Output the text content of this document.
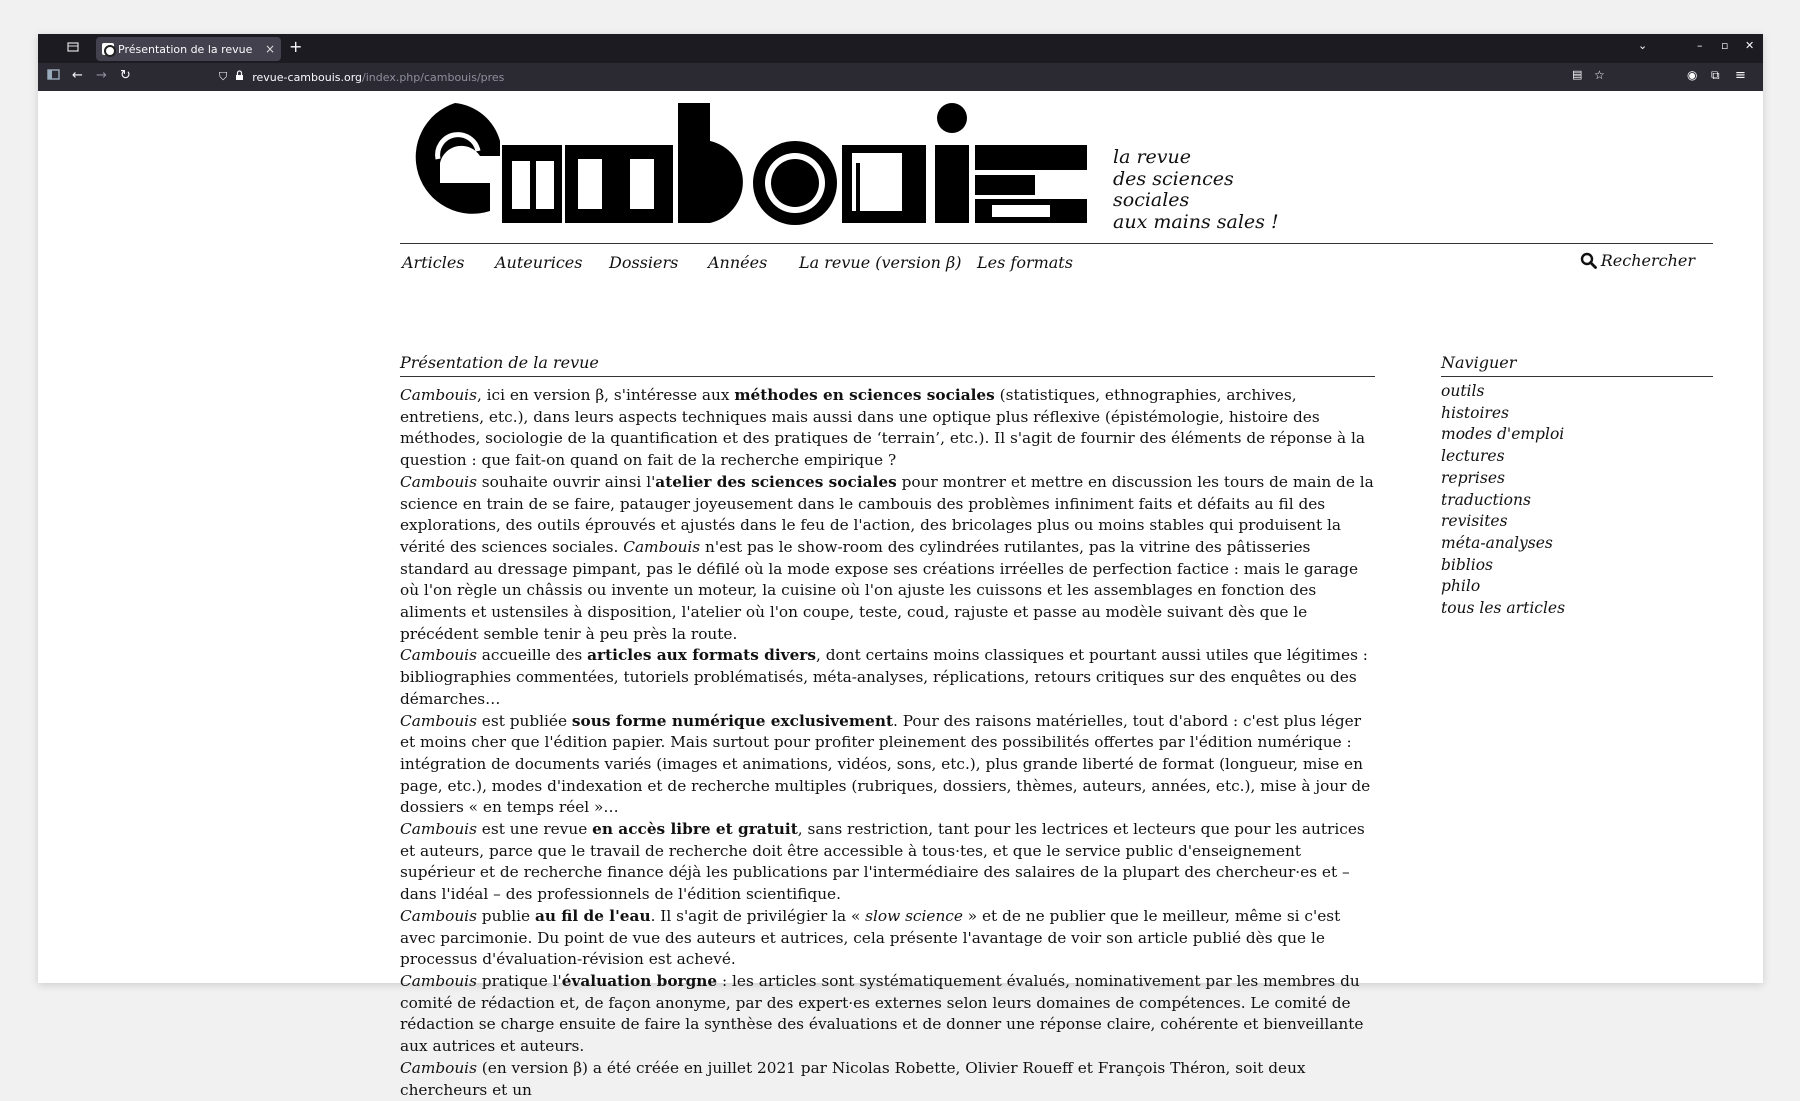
Présentation de la revue	× +	⌄	– ▫ ✕
← → ↻	⛉ revue-cambouis.org /index.php/cambouis/pres	▤ ☆	◉ ⧉ ≡
la revue
des sciences
sociales
aux mains sales !
Articles Auteurices Dossiers Années La revue (version β) Les formats	Rechercher
Présentation de la revue

Cambouis, ici en version β, s'intéresse aux méthodes en sciences sociales (statistiques, ethnographies, archives, entretiens, etc.), dans leurs aspects techniques mais aussi dans une optique plus réflexive (épistémologie, histoire des méthodes, sociologie de la quantification et des pratiques de ‘terrain’, etc.). Il s'agit de fournir des éléments de réponse à la question : que fait-on quand on fait de la recherche empirique ?

Cambouis souhaite ouvrir ainsi l'atelier des sciences sociales pour montrer et mettre en discussion les tours de main de la science en train de se faire, patauger joyeusement dans le cambouis des problèmes infiniment faits et défaits au fil des explorations, des outils éprouvés et ajustés dans le feu de l'action, des bricolages plus ou moins stables qui produisent la vérité des sciences sociales. Cambouis n'est pas le show-room des cylindrées rutilantes, pas la vitrine des pâtisseries standard au dressage pimpant, pas le défilé où la mode expose ses créations irréelles de perfection factice : mais le garage où l'on règle un châssis ou invente un moteur, la cuisine où l'on ajuste les cuissons et les assemblages en fonction des aliments et ustensiles à disposition, l'atelier où l'on coupe, teste, coud, rajuste et passe au modèle suivant dès que le précédent semble tenir à peu près la route.

Cambouis accueille des articles aux formats divers, dont certains moins classiques et pourtant aussi utiles que légitimes : bibliographies commentées, tutoriels problématisés, méta-analyses, réplications, retours critiques sur des enquêtes ou des démarches…

Cambouis est publiée sous forme numérique exclusivement. Pour des raisons matérielles, tout d'abord : c'est plus léger et moins cher que l'édition papier. Mais surtout pour profiter pleinement des possibilités offertes par l'édition numérique : intégration de documents variés (images et animations, vidéos, sons, etc.), plus grande liberté de format (longueur, mise en page, etc.), modes d'indexation et de recherche multiples (rubriques, dossiers, thèmes, auteurs, années, etc.), mise à jour de dossiers « en temps réel »…

Cambouis est une revue en accès libre et gratuit, sans restriction, tant pour les lectrices et lecteurs que pour les autrices et auteurs, parce que le travail de recherche doit être accessible à tous·tes, et que le service public d'enseignement supérieur et de recherche finance déjà les publications par l'intermédiaire des salaires de la plupart des chercheur·es et – dans l'idéal – des professionnels de l'édition scientifique.

Cambouis publie au fil de l'eau. Il s'agit de privilégier la « slow science » et de ne publier que le meilleur, même si c'est avec parcimonie. Du point de vue des auteurs et autrices, cela présente l'avantage de voir son article publié dès que le processus d'évaluation-révision est achevé.

Cambouis pratique l'évaluation borgne : les articles sont systématiquement évalués, nominativement par les membres du comité de rédaction et, de façon anonyme, par des expert·es externes selon leurs domaines de compétences. Le comité de rédaction se charge ensuite de faire la synthèse des évaluations et de donner une réponse claire, cohérente et bienveillante aux autrices et auteurs.

Cambouis (en version β) a été créée en juillet 2021 par Nicolas Robette, Olivier Roueff et François Théron, soit deux chercheurs et un

Naviguer
outils
histoires
modes d'emploi
lectures
reprises
traductions
revisites
méta-analyses
biblios
philo
tous les articles
